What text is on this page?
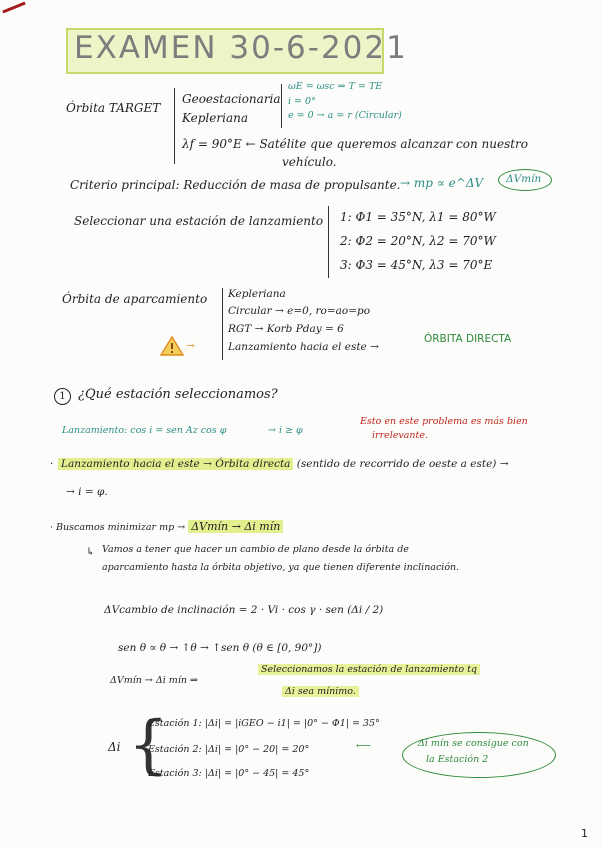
EXAMEN 30-6-2021
Órbita TARGET
Geoestacionaria
Kepleriana
ωE = ωsc ⇒ T = TE
i = 0°
e = 0 → a = r (Circular)
λf = 90°E ← Satélite que queremos alcanzar con nuestro
vehículo.
Criterio principal: Reducción de masa de propulsante. → mp ∝ e^ΔV ΔVmín
Seleccionar una estación de lanzamiento 1: Φ1 = 35°N, λ1 = 80°W
2: Φ2 = 20°N, λ2 = 70°W
3: Φ3 = 45°N, λ3 = 70°E
Órbita de aparcamiento Kepleriana
Circular → e=0, ro=ao=po
RGT → Korb Pday = 6
→	Lanzamiento hacia el este →
ÓRBITA DIRECTA
1 ¿Qué estación seleccionamos?
Lanzamiento: cos i = sen Az cos φ	→ i ≥ φ
Esto en este problema es más bien
irrelevante.
· Lanzamiento hacia el este → Órbita directa (sentido de recorrido de oeste a este) →
→ i = φ.
· Buscamos minimizar mp → ΔVmín → Δi mín
↳ Vamos a tener que hacer un cambio de plano desde la órbita de
aparcamiento hasta la órbita objetivo, ya que tienen diferente inclinación.
ΔVcambio de inclinación = 2 · Vi · cos γ · sen (Δi / 2)
sen θ ∝ θ → ↑θ → ↑sen θ (θ ∈ [0, 90°])
ΔVmín → Δi mín ⇒
Seleccionamos la estación de lanzamiento tq
Δi sea mínimo.
Δi {
Estación 1: |Δi| = |iGEO − i1| = |0° − Φ1| = 35°
Estación 2: |Δi| = |0° − 20| = 20°
Estación 3: |Δi| = |0° − 45| = 45°
⟵	Δi mín se consigue con
la Estación 2
1
